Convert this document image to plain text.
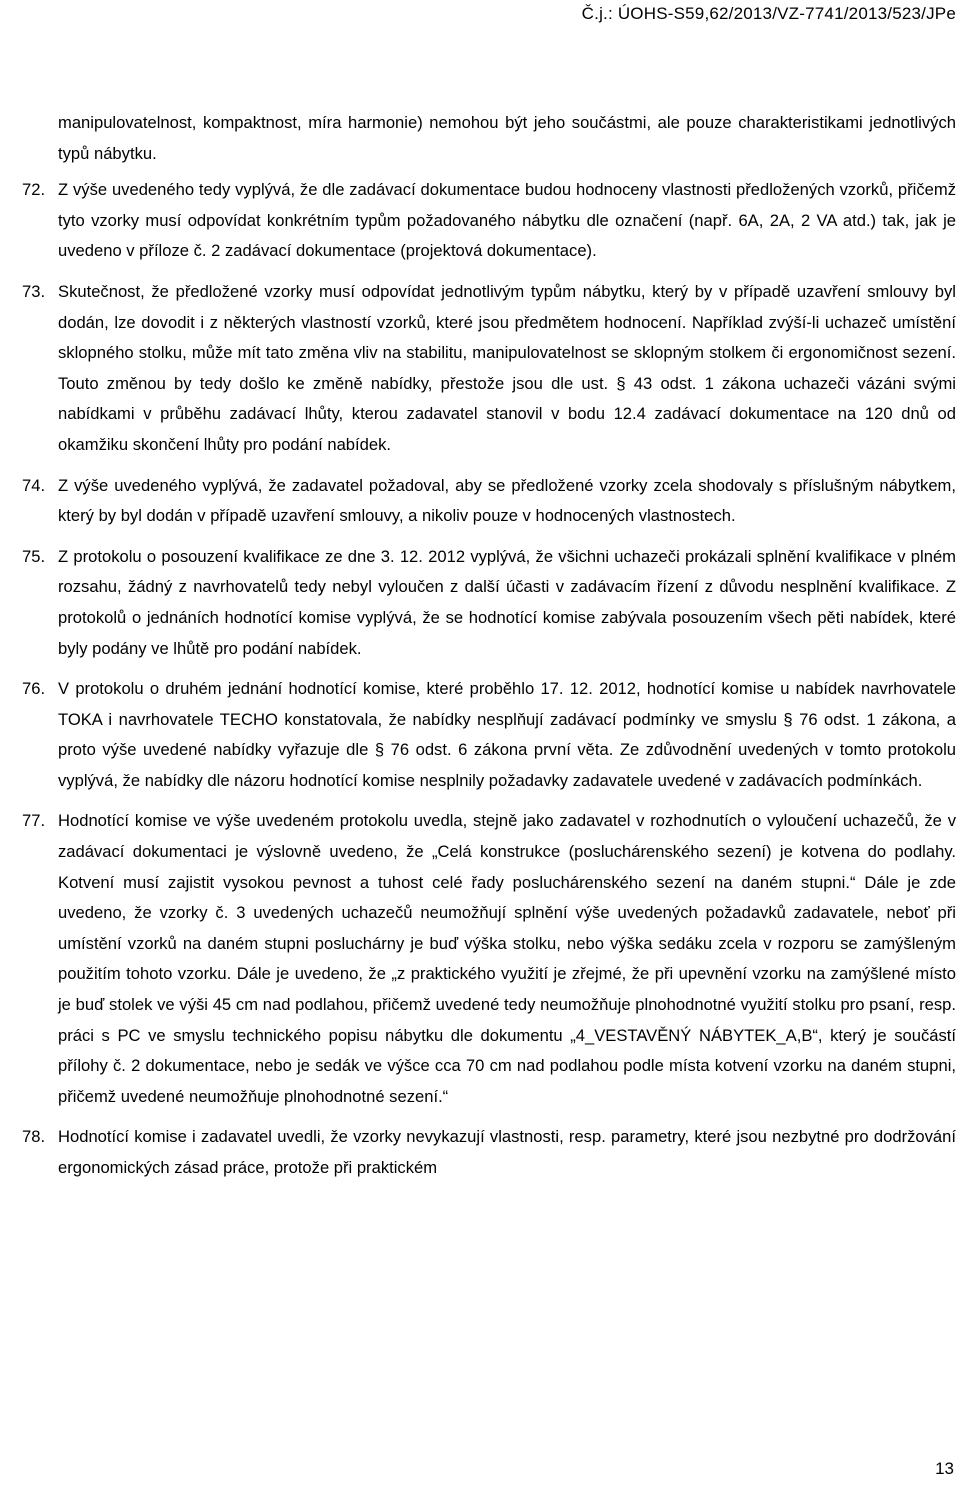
Č.j.: ÚOHS-S59,62/2013/VZ-7741/2013/523/JPe
manipulovatelnost, kompaktnost, míra harmonie) nemohou být jeho součástmi, ale pouze charakteristikami jednotlivých typů nábytku.
72. Z výše uvedeného tedy vyplývá, že dle zadávací dokumentace budou hodnoceny vlastnosti předložených vzorků, přičemž tyto vzorky musí odpovídat konkrétním typům požadovaného nábytku dle označení (např. 6A, 2A, 2 VA atd.) tak, jak je uvedeno v příloze č. 2 zadávací dokumentace (projektová dokumentace).
73. Skutečnost, že předložené vzorky musí odpovídat jednotlivým typům nábytku, který by v případě uzavření smlouvy byl dodán, lze dovodit i z některých vlastností vzorků, které jsou předmětem hodnocení. Například zvýší-li uchazeč umístění sklopného stolku, může mít tato změna vliv na stabilitu, manipulovatelnost se sklopným stolkem či ergonomičnost sezení. Touto změnou by tedy došlo ke změně nabídky, přestože jsou dle ust. § 43 odst. 1 zákona uchazeči vázáni svými nabídkami v průběhu zadávací lhůty, kterou zadavatel stanovil v bodu 12.4 zadávací dokumentace na 120 dnů od okamžiku skončení lhůty pro podání nabídek.
74. Z výše uvedeného vyplývá, že zadavatel požadoval, aby se předložené vzorky zcela shodovaly s příslušným nábytkem, který by byl dodán v případě uzavření smlouvy, a nikoliv pouze v hodnocených vlastnostech.
75. Z protokolu o posouzení kvalifikace ze dne 3. 12. 2012 vyplývá, že všichni uchazeči prokázali splnění kvalifikace v plném rozsahu, žádný z navrhovatelů tedy nebyl vyloučen z další účasti v zadávacím řízení z důvodu nesplnění kvalifikace. Z protokolů o jednáních hodnotící komise vyplývá, že se hodnotící komise zabývala posouzením všech pěti nabídek, které byly podány ve lhůtě pro podání nabídek.
76. V protokolu o druhém jednání hodnotící komise, které proběhlo 17. 12. 2012, hodnotící komise u nabídek navrhovatele TOKA i navrhovatele TECHO konstatovala, že nabídky nesplňují zadávací podmínky ve smyslu § 76 odst. 1 zákona, a proto výše uvedené nabídky vyřazuje dle § 76 odst. 6 zákona první věta. Ze zdůvodnění uvedených v tomto protokolu vyplývá, že nabídky dle názoru hodnotící komise nesplnily požadavky zadavatele uvedené v zadávacích podmínkách.
77. Hodnotící komise ve výše uvedeném protokolu uvedla, stejně jako zadavatel v rozhodnutích o vyloučení uchazečů, že v zadávací dokumentaci je výslovně uvedeno, že „Celá konstrukce (posluchárenského sezení) je kotvena do podlahy. Kotvení musí zajistit vysokou pevnost a tuhost celé řady posluchárenského sezení na daném stupni.“ Dále je zde uvedeno, že vzorky č. 3 uvedených uchazečů neumožňují splnění výše uvedených požadavků zadavatele, neboť při umístění vzorků na daném stupni posluchárny je buď výška stolku, nebo výška sedáku zcela v rozporu se zamýšleným použitím tohoto vzorku. Dále je uvedeno, že „z praktického využití je zřejmé, že při upevnění vzorku na zamýšlené místo je buď stolek ve výši 45 cm nad podlahou, přičemž uvedené tedy neumožňuje plnohodnotné využití stolku pro psaní, resp. práci s PC ve smyslu technického popisu nábytku dle dokumentu „4_VESTAVĚNÝ NÁBYTEK_A,B“, který je součástí přílohy č. 2 dokumentace, nebo je sedák ve výšce cca 70 cm nad podlahou podle místa kotvení vzorku na daném stupni, přičemž uvedené neumožňuje plnohodnotné sezení.“
78. Hodnotící komise i zadavatel uvedli, že vzorky nevykazují vlastnosti, resp. parametry, které jsou nezbytné pro dodržování ergonomických zásad práce, protože při praktickém
13
